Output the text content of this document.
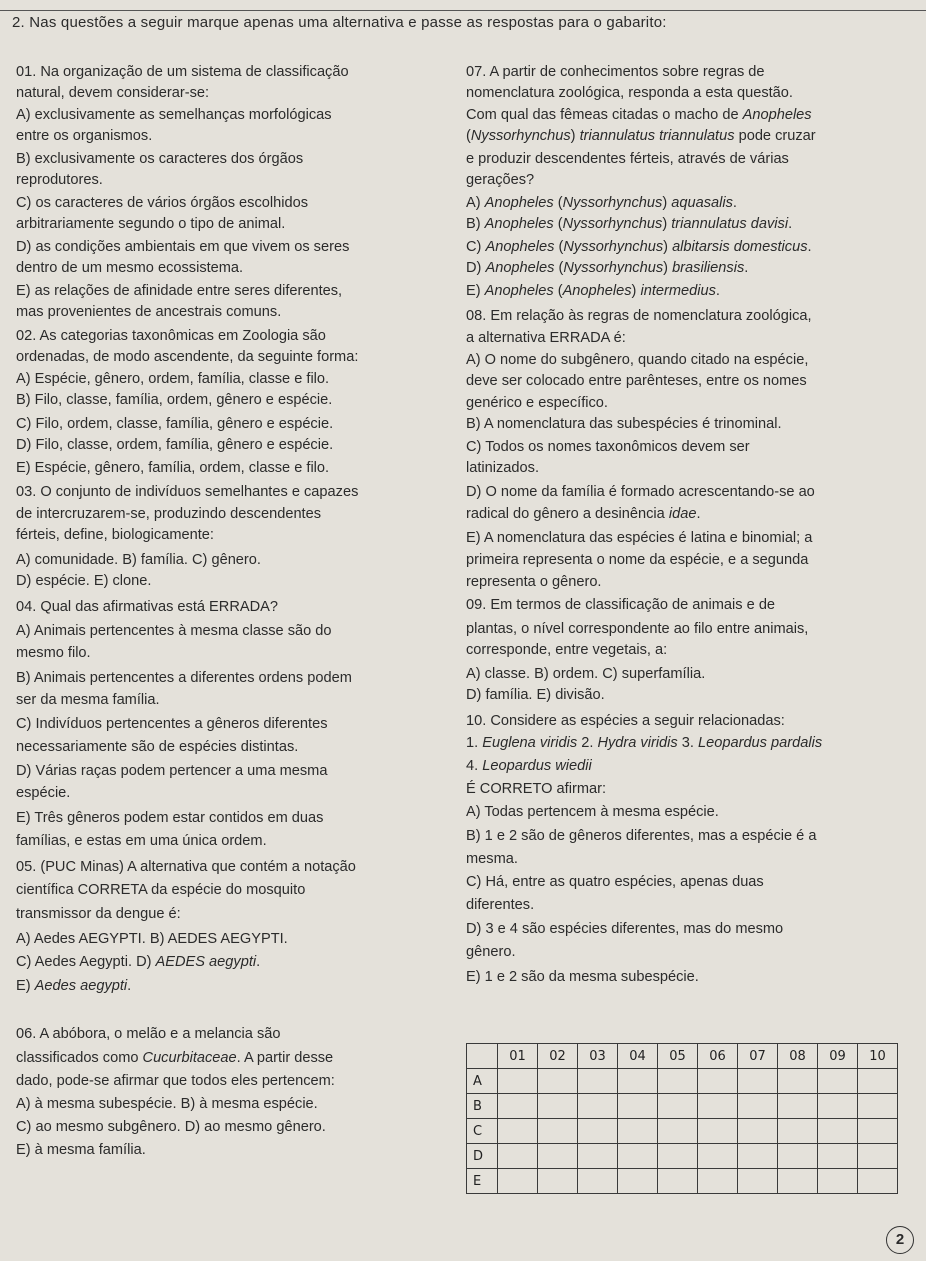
2. Nas questões a seguir marque apenas uma alternativa e passe as respostas para o gabarito:
01. Na organização de um sistema de classificação
natural, devem considerar-se:
A) exclusivamente as semelhanças morfológicas
entre os organismos.
B) exclusivamente os caracteres dos órgãos
reprodutores.
C) os caracteres de vários órgãos escolhidos
arbitrariamente segundo o tipo de animal.
D) as condições ambientais em que vivem os seres
dentro de um mesmo ecossistema.
E) as relações de afinidade entre seres diferentes,
mas provenientes de ancestrais comuns.
02. As categorias taxonômicas em Zoologia são
ordenadas, de modo ascendente, da seguinte forma:
A) Espécie, gênero, ordem, família, classe e filo.
B) Filo, classe, família, ordem, gênero e espécie.
C) Filo, ordem, classe, família, gênero e espécie.
D) Filo, classe, ordem, família, gênero e espécie.
E) Espécie, gênero, família, ordem, classe e filo.
03. O conjunto de indivíduos semelhantes e capazes
de intercruzarem-se, produzindo descendentes
férteis, define, biologicamente:
A) comunidade. B) família. C) gênero.
D) espécie. E) clone.
04. Qual das afirmativas está ERRADA?
A) Animais pertencentes à mesma classe são do
mesmo filo.
B) Animais pertencentes a diferentes ordens podem
ser da mesma família.
C) Indivíduos pertencentes a gêneros diferentes
necessariamente são de espécies distintas.
D) Várias raças podem pertencer a uma mesma
espécie.
E) Três gêneros podem estar contidos em duas
famílias, e estas em uma única ordem.
05. (PUC Minas) A alternativa que contém a notação
científica CORRETA da espécie do mosquito
transmissor da dengue é:
A) Aedes AEGYPTI. B) AEDES AEGYPTI.
C) Aedes Aegypti. D) AEDES aegypti.
E) Aedes aegypti.
06. A abóbora, o melão e a melancia são
classificados como Cucurbitaceae. A partir desse
dado, pode-se afirmar que todos eles pertencem:
A) à mesma subespécie. B) à mesma espécie.
C) ao mesmo subgênero. D) ao mesmo gênero.
E) à mesma família.
07. A partir de conhecimentos sobre regras de
nomenclatura zoológica, responda a esta questão.
Com qual das fêmeas citadas o macho de Anopheles
(Nyssorhynchus) triannulatus triannulatus pode cruzar
e produzir descendentes férteis, através de várias
gerações?
A) Anopheles (Nyssorhynchus) aquasalis.
B) Anopheles (Nyssorhynchus) triannulatus davisi.
C) Anopheles (Nyssorhynchus) albitarsis domesticus.
D) Anopheles (Nyssorhynchus) brasiliensis.
E) Anopheles (Anopheles) intermedius.
08. Em relação às regras de nomenclatura zoológica,
a alternativa ERRADA é:
A) O nome do subgênero, quando citado na espécie,
deve ser colocado entre parênteses, entre os nomes
genérico e específico.
B) A nomenclatura das subespécies é trinominal.
C) Todos os nomes taxonômicos devem ser
latinizados.
D) O nome da família é formado acrescentando-se ao
radical do gênero a desinência idae.
E) A nomenclatura das espécies é latina e binomial; a
primeira representa o nome da espécie, e a segunda
representa o gênero.
09. Em termos de classificação de animais e de
plantas, o nível correspondente ao filo entre animais,
corresponde, entre vegetais, a:
A) classe. B) ordem. C) superfamília.
D) família. E) divisão.
10. Considere as espécies a seguir relacionadas:
1. Euglena viridis 2. Hydra viridis 3. Leopardus pardalis
4. Leopardus wiedii
É CORRETO afirmar:
A) Todas pertencem à mesma espécie.
B) 1 e 2 são de gêneros diferentes, mas a espécie é a
mesma.
C) Há, entre as quatro espécies, apenas duas
diferentes.
D) 3 e 4 são espécies diferentes, mas do mesmo
gênero.
E) 1 e 2 são da mesma subespécie.
	01	02	03	04	05	06	07	08	09	10
A										
B										
C										
D										
E										
2
